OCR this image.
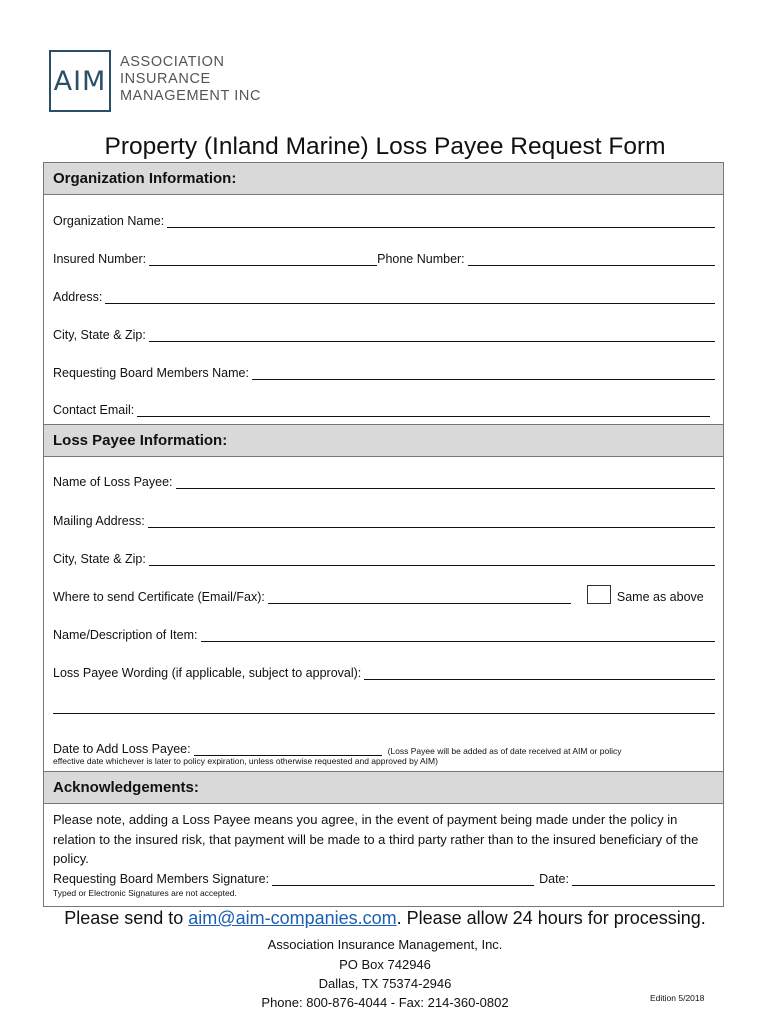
AIM
ASSOCIATION
INSURANCE
MANAGEMENT INC
Property (Inland Marine) Loss Payee Request Form
Organization Information:
Organization Name:
Insured Number:	Phone Number:
Address:
City, State & Zip:
Requesting Board Members Name:
Contact Email:
Loss Payee Information:
Name of Loss Payee:
Mailing Address:
City, State & Zip:
Where to send Certificate (Email/Fax):	Same as above
Name/Description of Item:
Loss Payee Wording (if applicable, subject to approval):
Date to Add Loss Payee:	(Loss Payee will be added as of date received at AIM or policy
effective date whichever is later to policy expiration, unless otherwise requested and approved by AIM)
Acknowledgements:
Please note, adding a Loss Payee means you agree, in the event of payment being made under the policy in relation to the insured risk, that payment will be made to a third party rather than to the insured beneficiary of the policy.
Requesting Board Members Signature:	Date:
Typed or Electronic Signatures are not accepted.
Please send to aim@aim-companies.com. Please allow 24 hours for processing.
Association Insurance Management, Inc.
PO Box 742946
Dallas, TX 75374-2946
Phone: 800-876-4044 - Fax: 214-360-0802	Edition 5/2018
